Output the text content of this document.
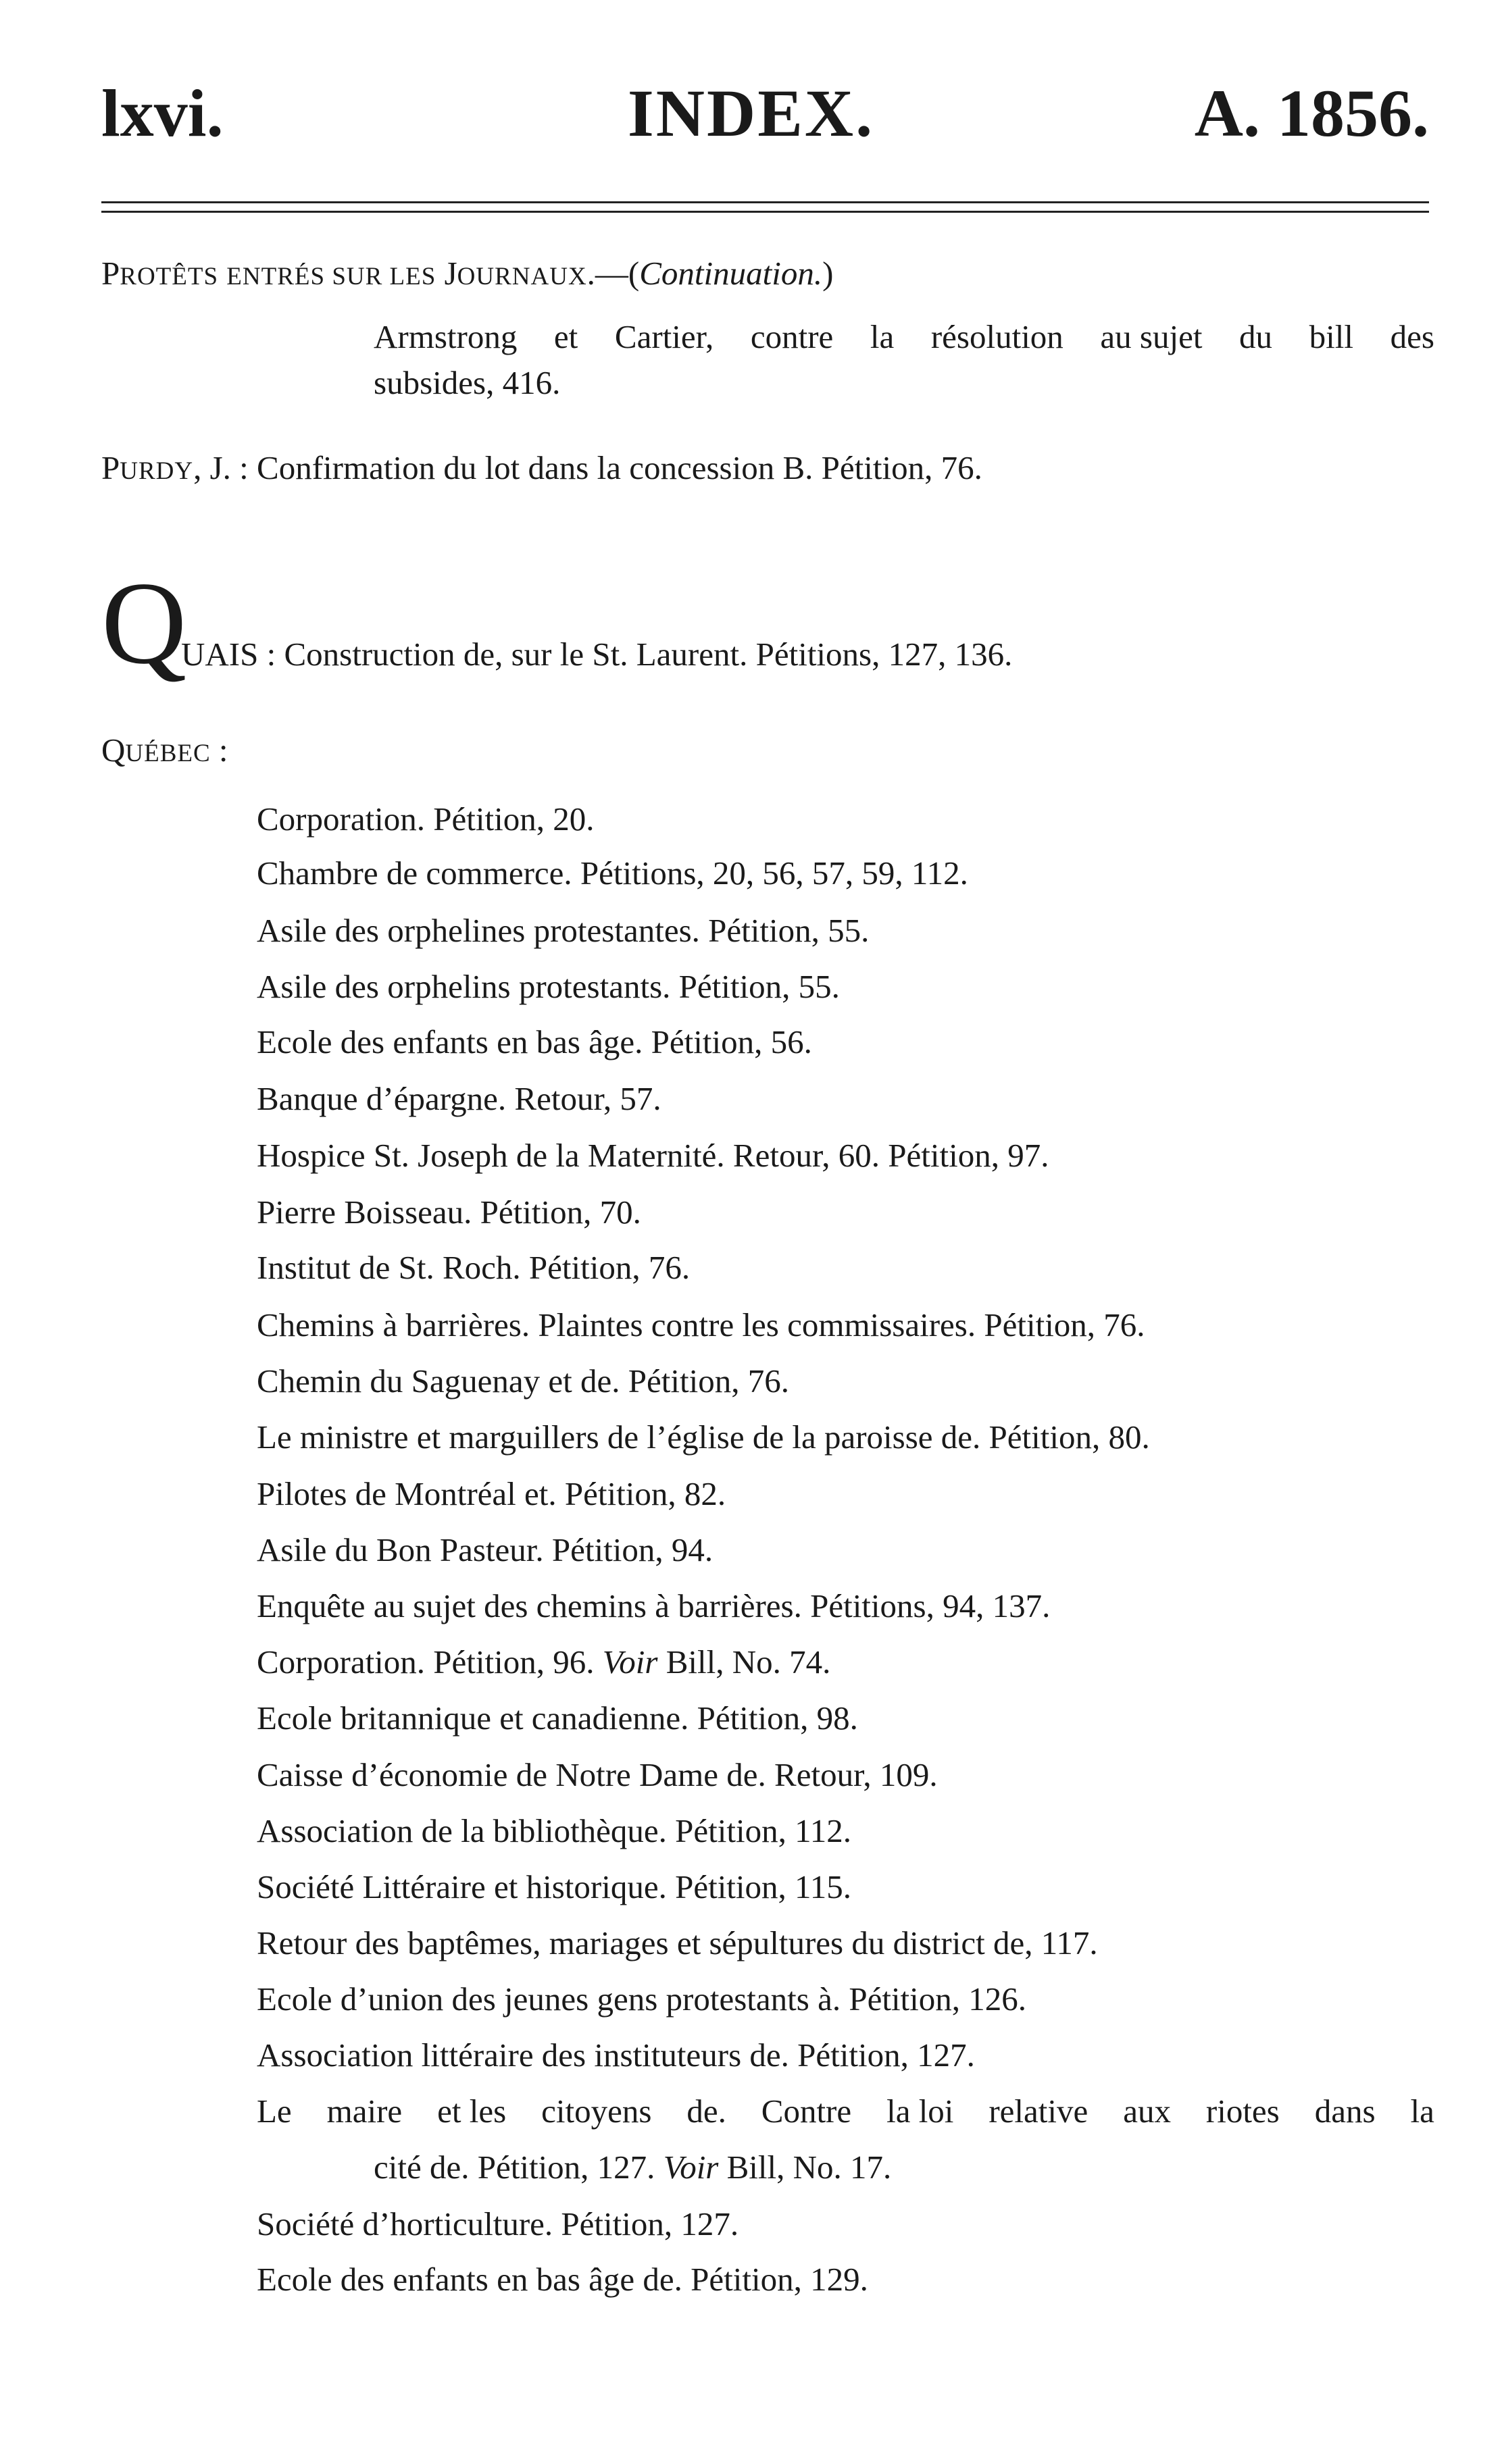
lxvi.	INDEX.	A. 1856.
PROTÊTS ENTRÉS SUR LES JOURNAUX.—(Continuation.)
Armstrong et Cartier, contre la résolution au sujet du bill des
subsides, 416.
PURDY, J. : Confirmation du lot dans la concession B. Pétition, 76.
Q
UAIS : Construction de, sur le St. Laurent. Pétitions, 127, 136.
QUÉBEC :
Corporation. Pétition, 20.
Chambre de commerce. Pétitions, 20, 56, 57, 59, 112.
Asile des orphelines protestantes. Pétition, 55.
Asile des orphelins protestants. Pétition, 55.
Ecole des enfants en bas âge. Pétition, 56.
Banque d’épargne. Retour, 57.
Hospice St. Joseph de la Maternité. Retour, 60. Pétition, 97.
Pierre Boisseau. Pétition, 70.
Institut de St. Roch. Pétition, 76.
Chemins à barrières. Plaintes contre les commissaires. Pétition, 76.
Chemin du Saguenay et de. Pétition, 76.
Le ministre et marguillers de l’église de la paroisse de. Pétition, 80.
Pilotes de Montréal et. Pétition, 82.
Asile du Bon Pasteur. Pétition, 94.
Enquête au sujet des chemins à barrières. Pétitions, 94, 137.
Corporation. Pétition, 96. Voir Bill, No. 74.
Ecole britannique et canadienne. Pétition, 98.
Caisse d’économie de Notre Dame de. Retour, 109.
Association de la bibliothèque. Pétition, 112.
Société Littéraire et historique. Pétition, 115.
Retour des baptêmes, mariages et sépultures du district de, 117.
Ecole d’union des jeunes gens protestants à. Pétition, 126.
Association littéraire des instituteurs de. Pétition, 127.
Le maire et les citoyens de. Contre la loi relative aux riotes dans la
cité de. Pétition, 127. Voir Bill, No. 17.
Société d’horticulture. Pétition, 127.
Ecole des enfants en bas âge de. Pétition, 129.
